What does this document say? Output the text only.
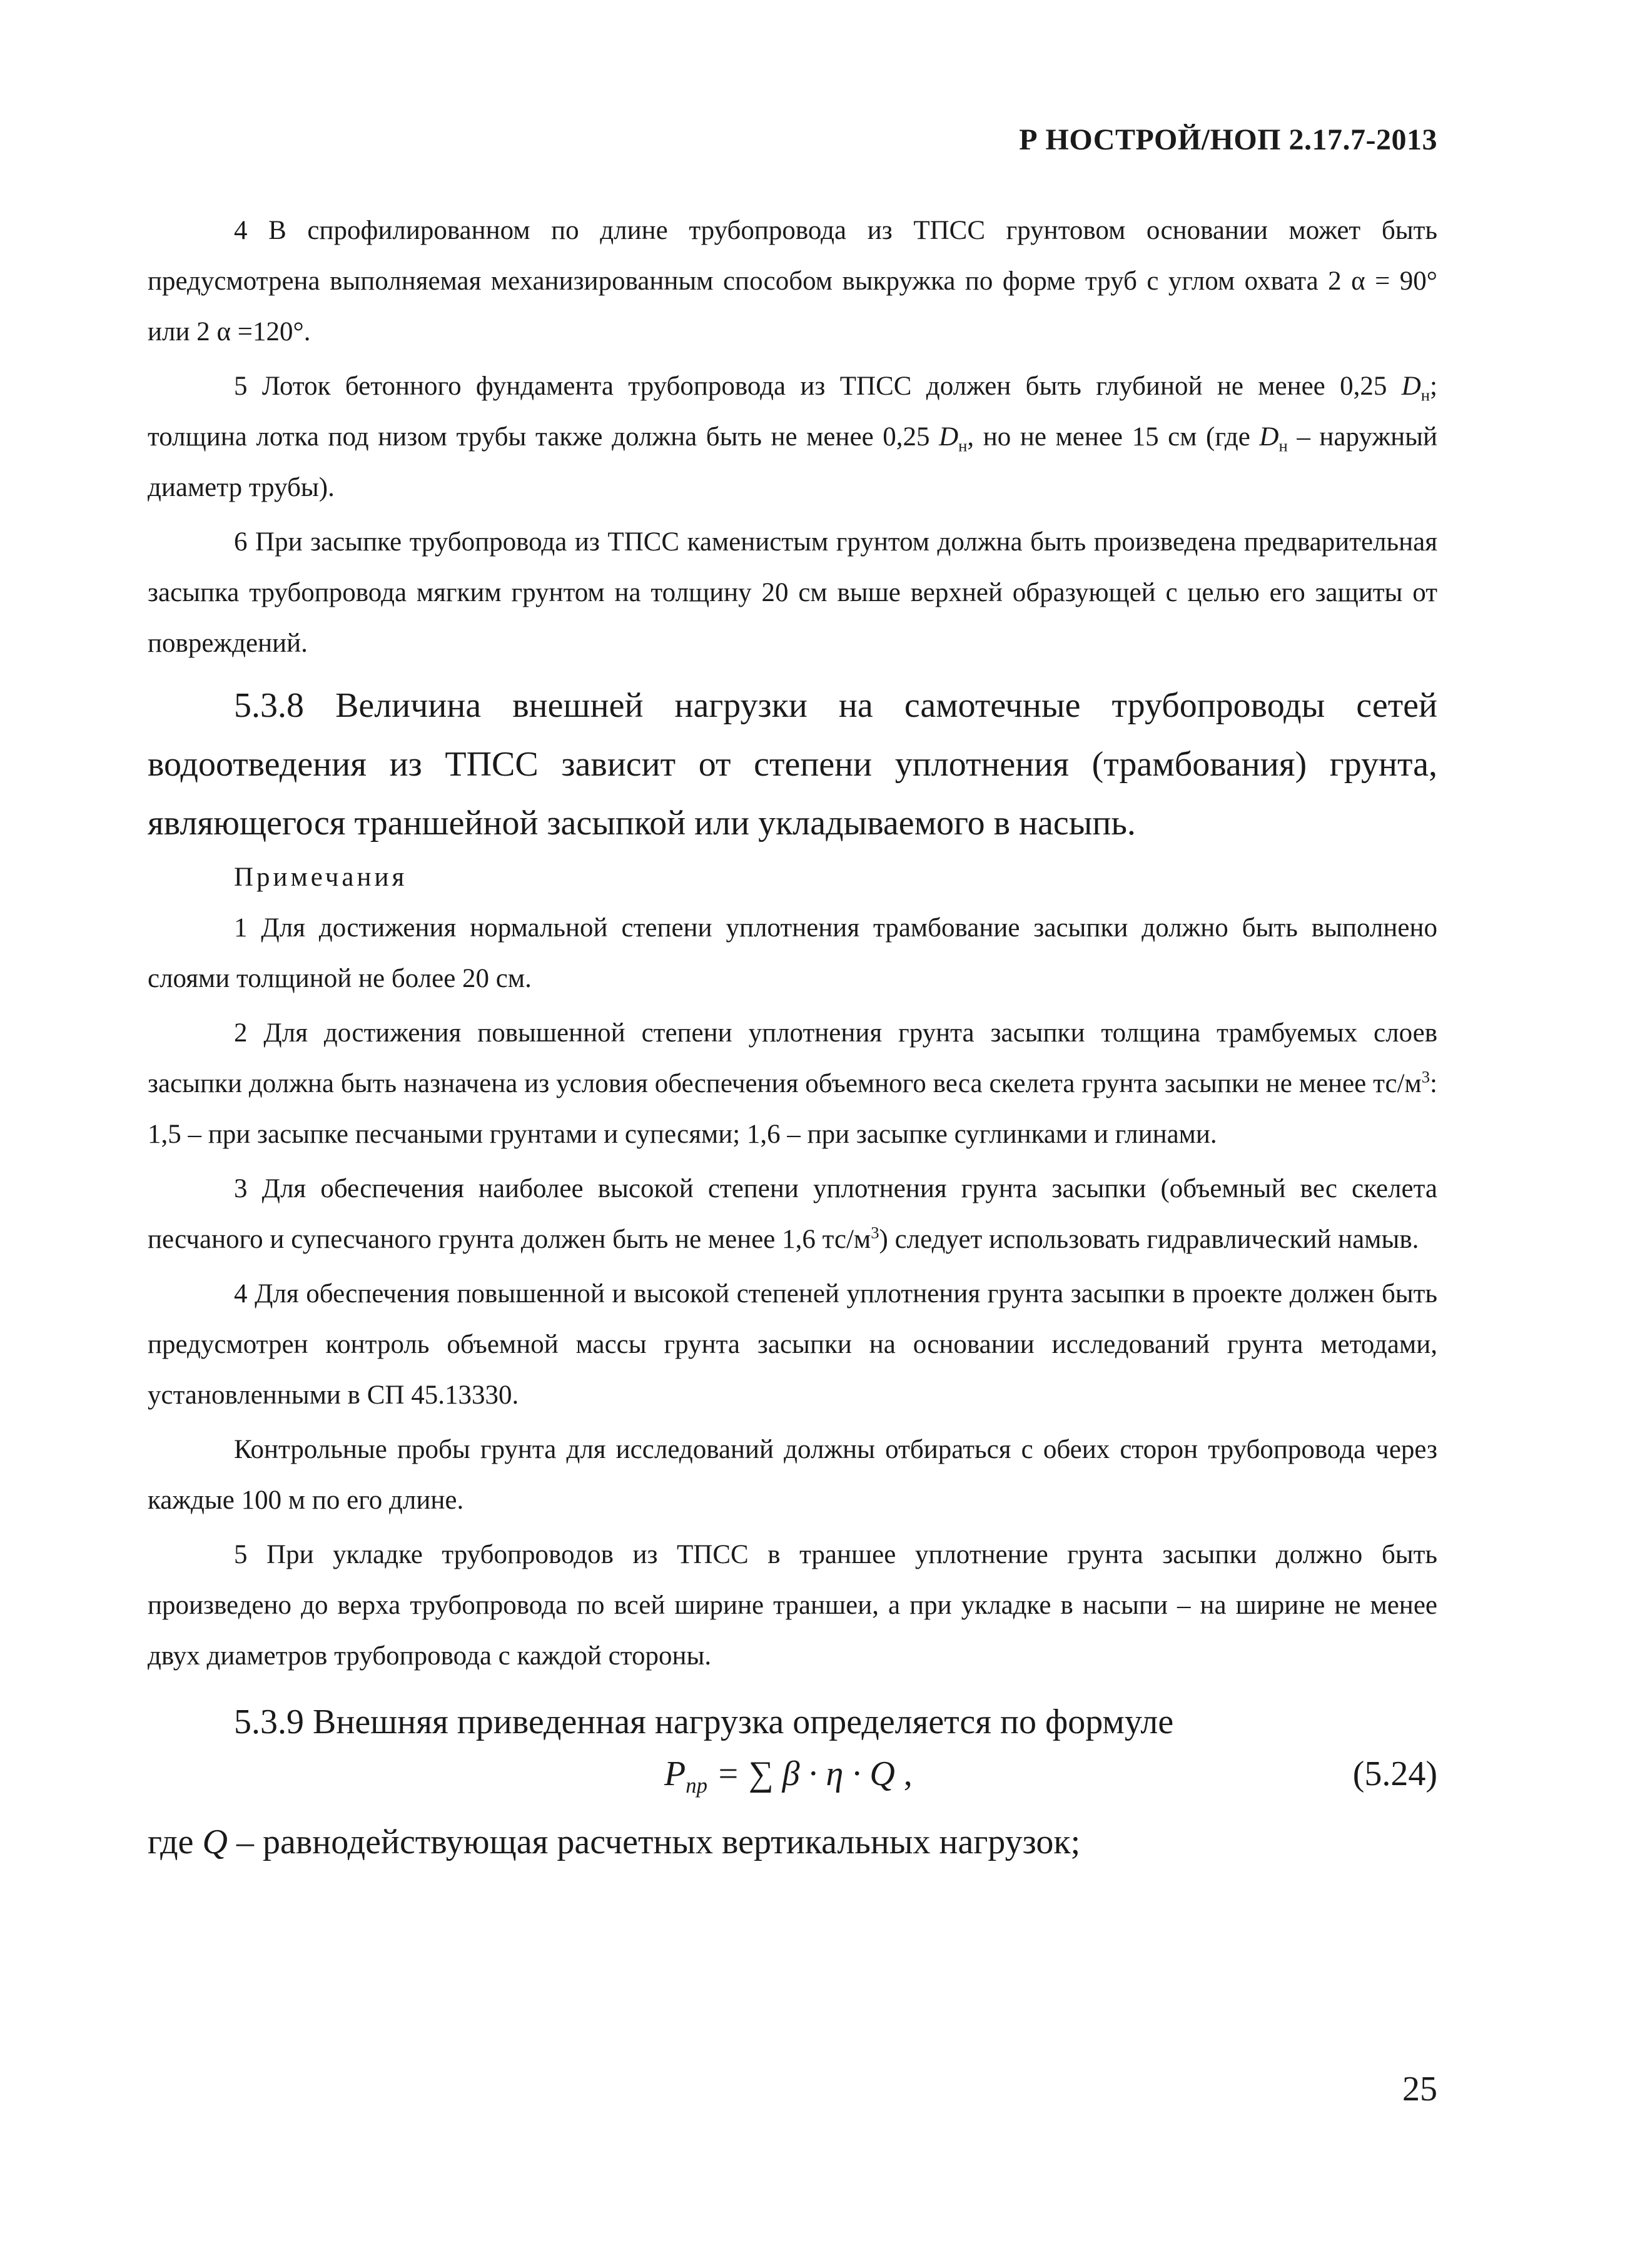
Р НОСТРОЙ/НОП 2.17.7-2013

4 В спрофилированном по длине трубопровода из ТПСС грунтовом основании может быть предусмотрена выполняемая механизированным способом выкружка по форме труб с углом охвата 2 α = 90° или 2 α =120°.

5 Лоток бетонного фундамента трубопровода из ТПСС должен быть глубиной не менее 0,25 $D_н$; толщина лотка под низом трубы также должна быть не менее 0,25 $D_н$, но не менее 15 см (где $D_н$ – наружный диаметр трубы).

6 При засыпке трубопровода из ТПСС каменистым грунтом должна быть произведена предварительная засыпка трубопровода мягким грунтом на толщину 20 см выше верхней образующей с целью его защиты от повреждений.

5.3.8 Величина внешней нагрузки на самотечные трубопроводы сетей водоотведения из ТПСС зависит от степени уплотнения (трамбования) грунта, являющегося траншейной засыпкой или укладываемого в насыпь.

Примечания

1 Для достижения нормальной степени уплотнения трамбование засыпки должно быть выполнено слоями толщиной не более 20 см.

2 Для достижения повышенной степени уплотнения грунта засыпки толщина трамбуемых слоев засыпки должна быть назначена из условия обеспечения объемного веса скелета грунта засыпки не менее $тс/м^3$: 1,5 – при засыпке песчаными грунтами и супесями; 1,6 – при засыпке суглинками и глинами.

3 Для обеспечения наиболее высокой степени уплотнения грунта засыпки (объемный вес скелета песчаного и супесчаного грунта должен быть не менее 1,6 $тс/м^3$) следует использовать гидравлический намыв.

4 Для обеспечения повышенной и высокой степеней уплотнения грунта засыпки в проекте должен быть предусмотрен контроль объемной массы грунта засыпки на основании исследований грунта методами, установленными в СП 45.13330.

Контрольные пробы грунта для исследований должны отбираться с обеих сторон трубопровода через каждые 100 м по его длине.

5 При укладке трубопроводов из ТПСС в траншее уплотнение грунта засыпки должно быть произведено до верха трубопровода по всей ширине траншеи, а при укладке в насыпи – на ширине не менее двух диаметров трубопровода с каждой стороны.

5.3.9 Внешняя приведенная нагрузка определяется по формуле

$P_{пр}$ = ∑ β · η · Q ,	(5.24)

где Q – равнодействующая расчетных вертикальных нагрузок;

25
